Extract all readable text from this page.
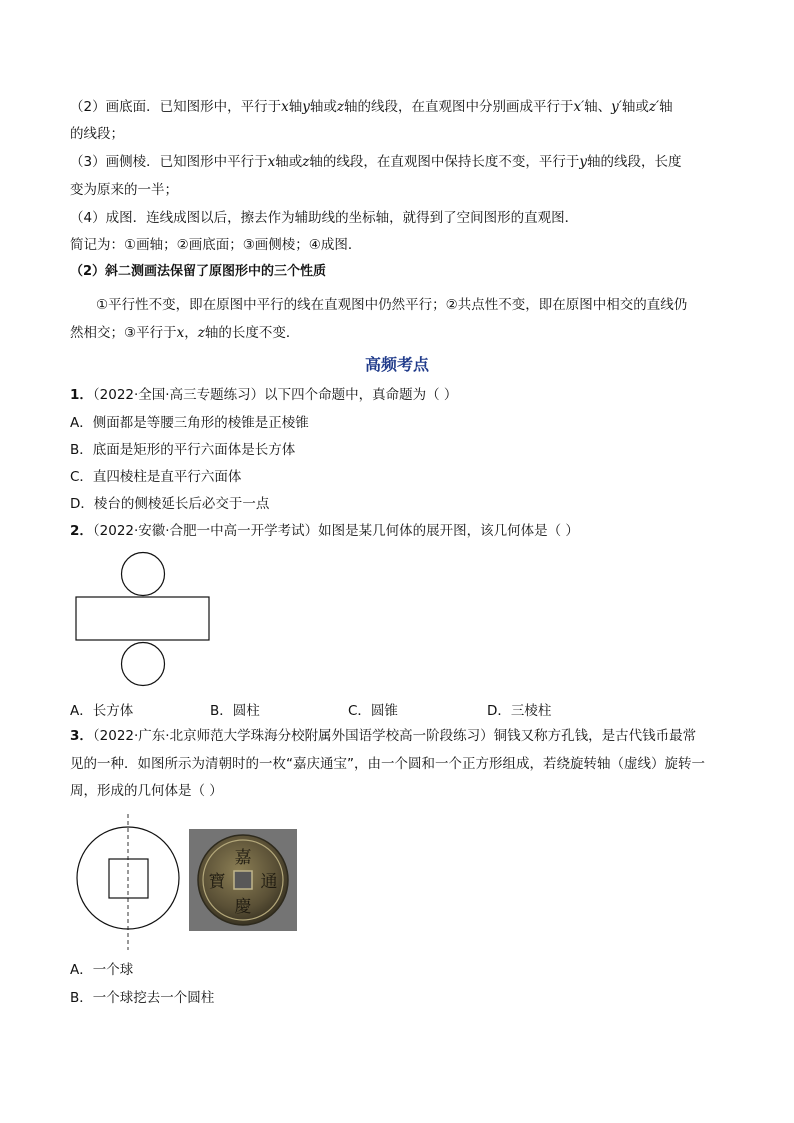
（2）画底面．已知图形中，平行于x轴y轴或z轴的线段，在直观图中分别画成平行于x′轴、y′轴或z′轴
的线段；
（3）画侧棱．已知图形中平行于x轴或z轴的线段，在直观图中保持长度不变，平行于y轴的线段，长度
变为原来的一半；
（4）成图．连线成图以后，擦去作为辅助线的坐标轴，就得到了空间图形的直观图．
简记为：①画轴；②画底面；③画侧棱；④成图．
（2）斜二测画法保留了原图形中的三个性质
①平行性不变，即在原图中平行的线在直观图中仍然平行；②共点性不变，即在原图中相交的直线仍
然相交；③平行于x，z轴的长度不变．
高频考点
1．（2022·全国·高三专题练习）以下四个命题中，真命题为（ ）
A．侧面都是等腰三角形的棱锥是正棱锥
B．底面是矩形的平行六面体是长方体
C．直四棱柱是直平行六面体
D．棱台的侧棱延长后必交于一点
2．（2022·安徽·合肥一中高一开学考试）如图是某几何体的展开图，该几何体是（ ）
A．长方体	B．圆柱	C．圆锥	D．三棱柱
3．（2022·广东·北京师范大学珠海分校附属外国语学校高一阶段练习）铜钱又称方孔钱，是古代钱币最常
见的一种．如图所示为清朝时的一枚“嘉庆通宝”，由一个圆和一个正方形组成，若绕旋转轴（虚线）旋转一
周，形成的几何体是（ ）
嘉
慶
通
寶
A．一个球
B．一个球挖去一个圆柱
